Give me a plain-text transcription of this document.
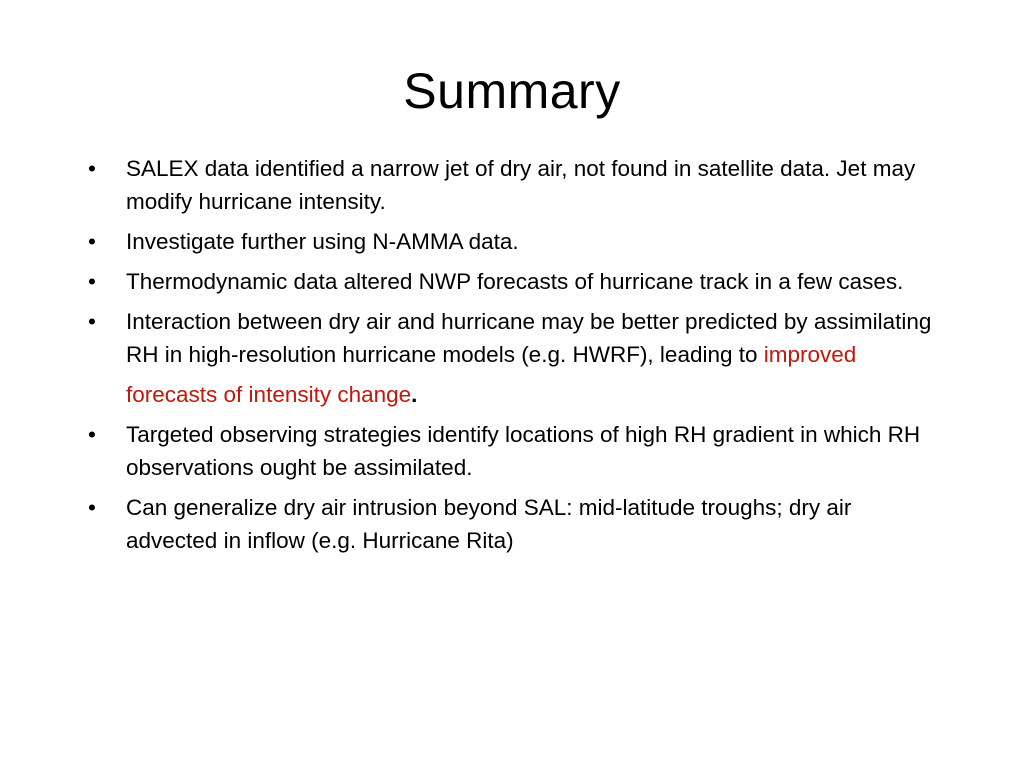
Summary
•	SALEX data identified a narrow jet of dry air, not found in satellite data. Jet may modify hurricane intensity.
•	Investigate further using N-AMMA data.
•	Thermodynamic data altered NWP forecasts of hurricane track in a few cases.
•	Interaction between dry air and hurricane may be better predicted by assimilating RH in high-resolution hurricane models (e.g. HWRF), leading to improved forecasts of intensity change.
•	Targeted observing strategies identify locations of high RH gradient in which RH observations ought be assimilated.
•	Can generalize dry air intrusion beyond SAL: mid-latitude troughs; dry air advected in inflow (e.g. Hurricane Rita)
